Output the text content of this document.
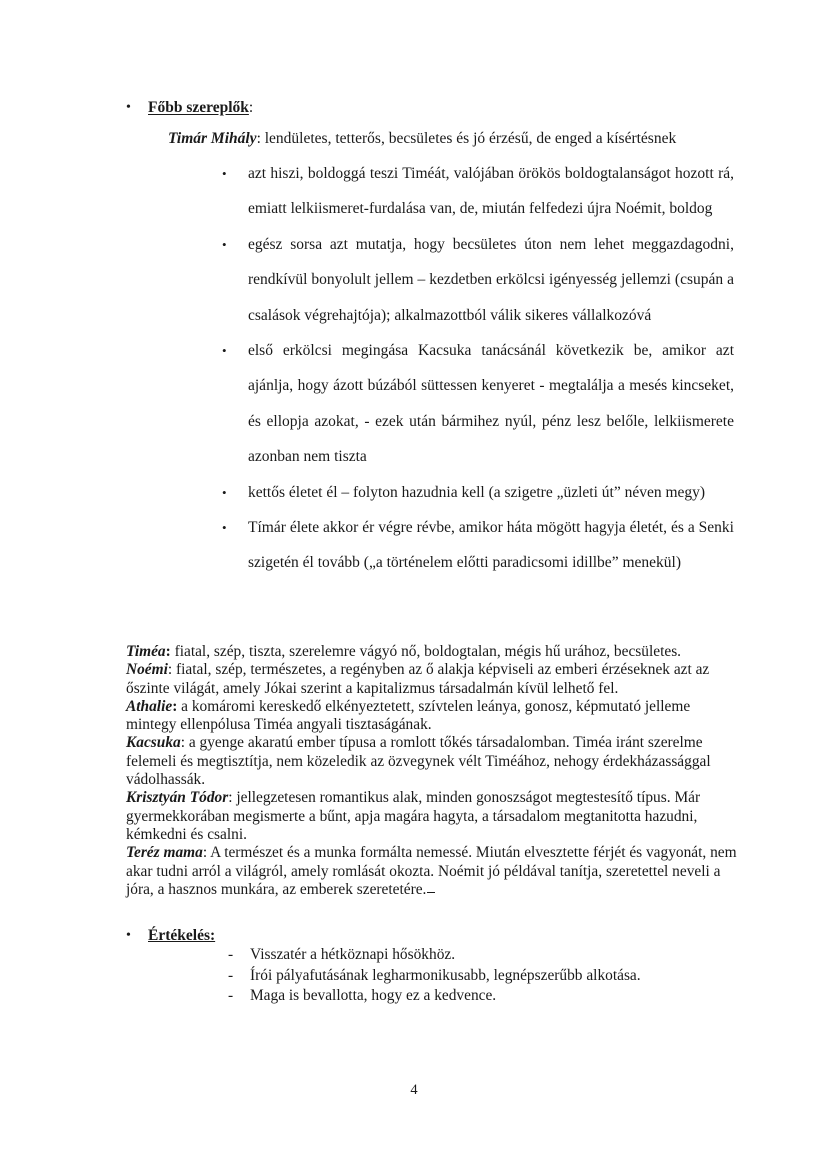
•	Főbb szereplők:
Timár Mihály: lendületes, tetterős, becsületes és jó érzésű, de enged a kísértésnek

• azt hiszi, boldoggá teszi Timéát, valójában örökös boldogtalanságot hozott rá, emiatt lelkiismeret-furdalása van, de, miután felfedezi újra Noémit, boldog

• egész sorsa azt mutatja, hogy becsületes úton nem lehet meggazdagodni, rendkívül bonyolult jellem – kezdetben erkölcsi igényesség jellemzi (csupán a csalások végrehajtója); alkalmazottból válik sikeres vállalkozóvá

• első erkölcsi megingása Kacsuka tanácsánál következik be, amikor azt ajánlja, hogy ázott búzából süttessen kenyeret - megtalálja a mesés kincseket, és ellopja azokat, - ezek után bármihez nyúl, pénz lesz belőle, lelkiismerete azonban nem tiszta

• kettős életet él – folyton hazudnia kell (a szigetre „üzleti út” néven megy)

• Tímár élete akkor ér végre révbe, amikor háta mögött hagyja életét, és a Senki szigetén él tovább („a történelem előtti paradicsomi idillbe” menekül)

Timéa: fiatal, szép, tiszta, szerelemre vágyó nő, boldogtalan, mégis hű urához, becsületes.

Noémi: fiatal, szép, természetes, a regényben az ő alakja képviseli az emberi érzéseknek azt az őszinte világát, amely Jókai szerint a kapitalizmus társadalmán kívül lelhető fel.

Athalie: a komáromi kereskedő elkényeztetett, szívtelen leánya, gonosz, képmutató jelleme mintegy ellenpólusa Timéa angyali tisztaságának.

Kacsuka: a gyenge akaratú ember típusa a romlott tőkés társadalomban. Timéa iránt szerelme felemeli és megtisztítja, nem közeledik az özvegynek vélt Timéához, nehogy érdekházassággal vádolhassák.

Krisztyán Tódor: jellegzetesen romantikus alak, minden gonoszságot megtestesítő típus. Már gyermekkorában megismerte a bűnt, apja magára hagyta, a társadalom megtanitotta hazudni, kémkedni és csalni.

Teréz mama: A természet és a munka formálta nemessé. Miután elvesztette férjét és vagyonát, nem akar tudni arról a világról, amely romlását okozta. Noémit jó példával tanítja, szeretettel neveli a jóra, a hasznos munkára, az emberek szeretetére.

•	Értékelés:

- Visszatér a hétköznapi hősökhöz.

- Írói pályafutásának legharmonikusabb, legnépszerűbb alkotása.

- Maga is bevallotta, hogy ez a kedvence.

4
